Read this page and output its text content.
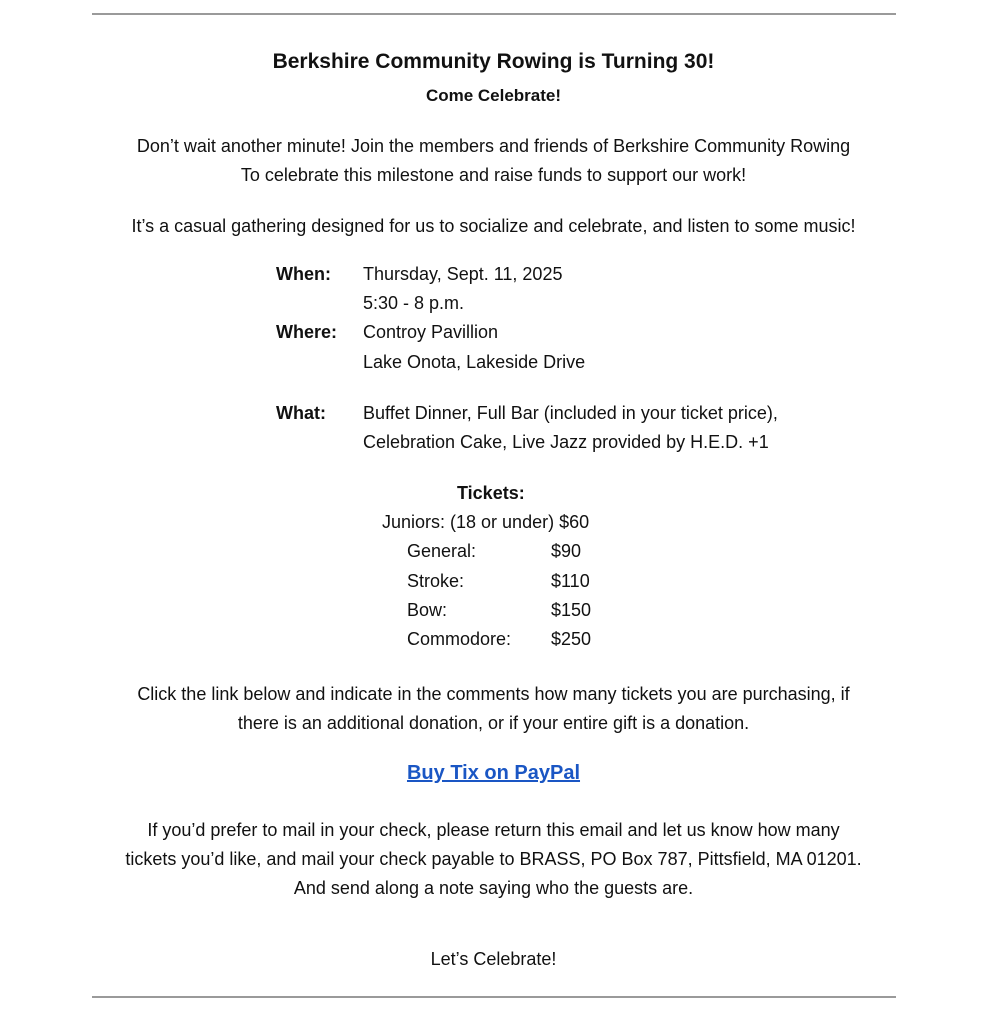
Berkshire Community Rowing is Turning 30!
Come Celebrate!
Don’t wait another minute! Join the members and friends of Berkshire Community Rowing
To celebrate this milestone and raise funds to support our work!
It’s a casual gathering designed for us to socialize and celebrate, and listen to some music!
When: Thursday, Sept. 11, 2025
5:30 - 8 p.m.
Where: Controy Pavillion
Lake Onota, Lakeside Drive
What: Buffet Dinner, Full Bar (included in your ticket price),
Celebration Cake, Live Jazz provided by H.E.D. +1
Tickets:
Juniors: (18 or under) $60
General:	$90
Stroke:	$110
Bow:	$150
Commodore: $250
Click the link below and indicate in the comments how many tickets you are purchasing, if
there is an additional donation, or if your entire gift is a donation.
Buy Tix on PayPal
If you’d prefer to mail in your check, please return this email and let us know how many
tickets you’d like, and mail your check payable to BRASS, PO Box 787, Pittsfield, MA 01201.
And send along a note saying who the guests are.
Let’s Celebrate!
